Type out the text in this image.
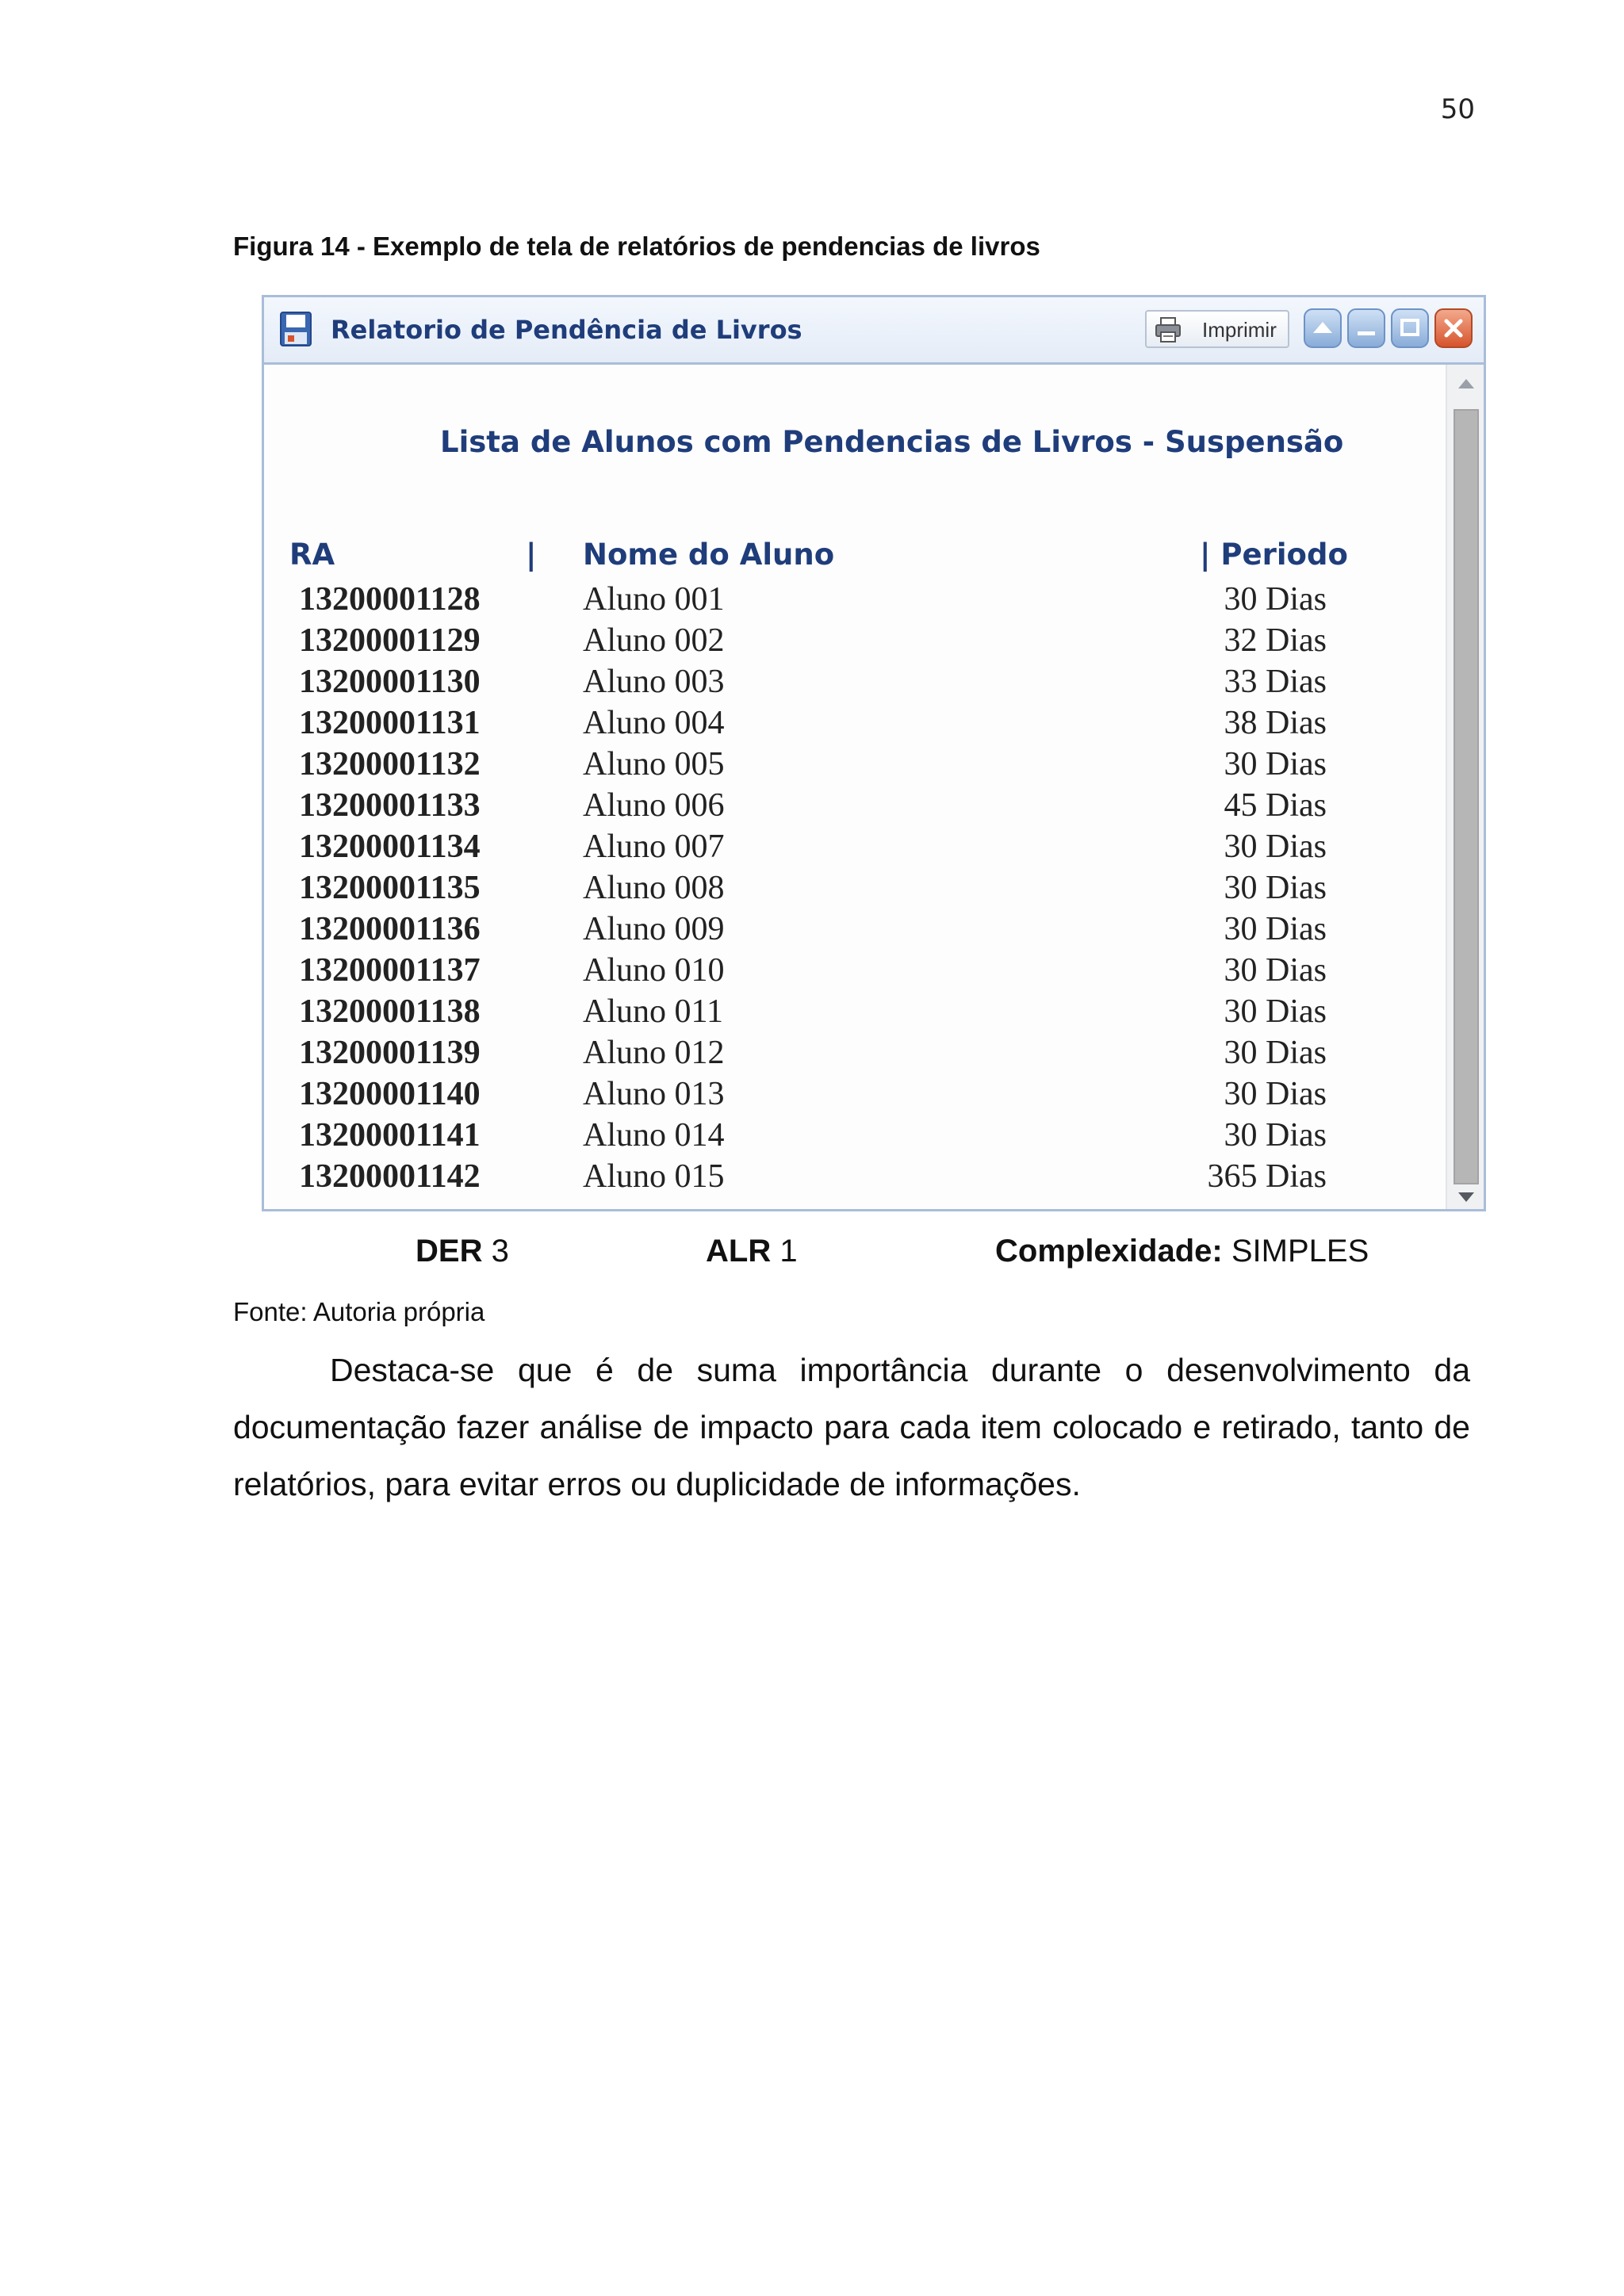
50
Figura 14 - Exemplo de tela de relatórios de pendencias de livros
Relatorio de Pendência de Livros	Imprimir
Lista de Alunos com Pendencias de Livros - Suspensão
RA	| Nome do Aluno	| Periodo
13200001128	Aluno 001	30 Dias
13200001129	Aluno 002	32 Dias
13200001130	Aluno 003	33 Dias
13200001131	Aluno 004	38 Dias
13200001132	Aluno 005	30 Dias
13200001133	Aluno 006	45 Dias
13200001134	Aluno 007	30 Dias
13200001135	Aluno 008	30 Dias
13200001136	Aluno 009	30 Dias
13200001137	Aluno 010	30 Dias
13200001138	Aluno 011	30 Dias
13200001139	Aluno 012	30 Dias
13200001140	Aluno 013	30 Dias
13200001141	Aluno 014	30 Dias
13200001142	Aluno 015	365 Dias
DER 3	ALR 1	Complexidade: SIMPLES
Fonte: Autoria própria
Destaca-se que é de suma importância durante o desenvolvimento da documentação fazer análise de impacto para cada item colocado e retirado, tanto de relatórios, para evitar erros ou duplicidade de informações.
